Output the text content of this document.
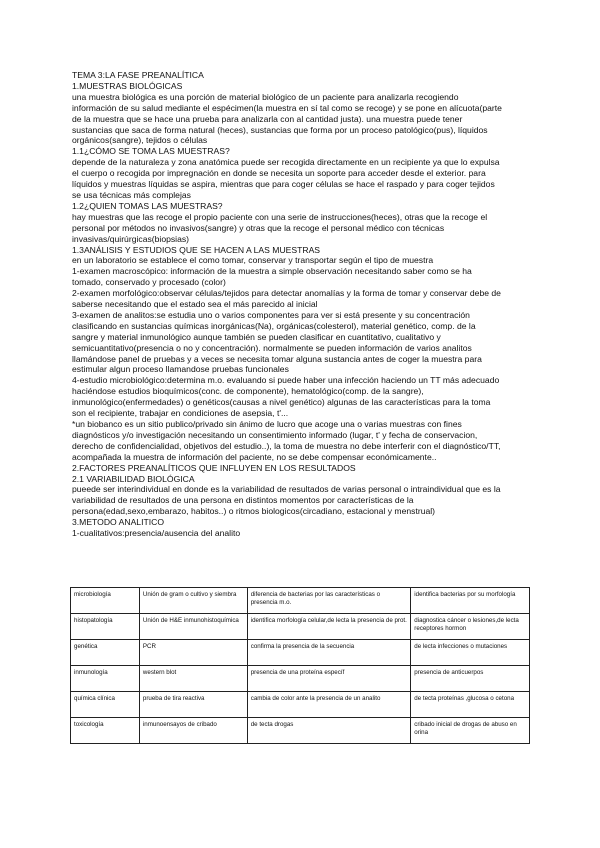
TEMA 3:LA FASE PREANALÍTICA
1.MUESTRAS BIOLÓGICAS
una muestra biológica es una porción de material biológico de un paciente para analizarla recogiendo
información de su salud mediante el espécimen(la muestra en sí tal como se recoge) y se pone en alícuota(parte
de la muestra que se hace una prueba para analizarla con al cantidad justa). una muestra puede tener
sustancias que saca de forma natural (heces), sustancias que forma por un proceso patológico(pus), líquidos
orgánicos(sangre), tejidos o células
1.1¿CÓMO SE TOMA LAS MUESTRAS?
depende de la naturaleza y zona anatómica puede ser recogida directamente en un recipiente ya que lo expulsa
el cuerpo o recogida por impregnación en donde se necesita un soporte para acceder desde el exterior. para
líquidos y muestras líquidas se aspira, mientras que para coger células se hace el raspado y para coger tejidos
se usa técnicas más complejas
1.2¿QUIEN TOMAS LAS MUESTRAS?
hay muestras que las recoge el propio paciente con una serie de instrucciones(heces), otras que la recoge el
personal por métodos no invasivos(sangre) y otras que la recoge el personal médico con técnicas
invasivas/quirúrgicas(biopsias)
1.3ANÁLISIS Y ESTUDIOS QUE SE HACEN A LAS MUESTRAS
en un laboratorio se establece el como tomar, conservar y transportar según el tipo de muestra
1-examen macroscópico: información de la muestra a simple observación necesitando saber como se ha
tomado, conservado y procesado (color)
2-examen morfológico:observar células/tejidos para detectar anomalías y la forma de tomar y conservar debe de
saberse necesitando que el estado sea el más parecido al inicial
3-examen de analitos:se estudia uno o varios componentes para ver si está presente y su concentración
clasificando en sustancias químicas inorgánicas(Na), orgánicas(colesterol), material genético, comp. de la
sangre y material inmunológico aunque también se pueden clasificar en cuantitativo, cualitativo y
semicuantitativo(presencia o no y concentración). normalmente se pueden información de varios analitos
llamándose panel de pruebas y a veces se necesita tomar alguna sustancia antes de coger la muestra para
estimular algun proceso llamandose pruebas funcionales
4-estudio microbiológico:determina m.o. evaluando si puede haber una infección haciendo un TT más adecuado
haciéndose estudios bioquímicos(conc. de componente), hematológico(comp. de la sangre),
inmunológico(enfermedades) o genéticos(causas a nivel genético) algunas de las características para la toma
son el recipiente, trabajar en condiciones de asepsia, t'...
*un biobanco es un sitio publico/privado sin ánimo de lucro que acoge una o varias muestras con fines
diagnósticos y/o investigación necesitando un consentimiento informado (lugar, t' y fecha de conservacion,
derecho de confidencialidad, objetivos del estudio..), la toma de muestra no debe interferir con el diagnóstico/TT,
acompañada la muestra de información del paciente, no se debe compensar económicamente..
2.FACTORES PREANALÍTICOS QUE INFLUYEN EN LOS RESULTADOS
2.1 VARIABILIDAD BIOLÓGICA
pueede ser interindividual en donde es la variabilidad de resultados de varias personal o intraindividual que es la
variabilidad de resultados de una persona en distintos momentos por características de la
persona(edad,sexo,embarazo, habitos..) o ritmos biologicos(circadiano, estacional y menstrual)
3.METODO ANALITICO
1-cualitativos:presencia/ausencia del analito
microbiología	Unión de gram o cultivo y siembra	diferencia de bacterias por las características o presencia m.o.	identifica bacterias por su morfología
histopatología	Unión de H&E inmunohistoquímica	identifica morfología celular,de lecta la presencia de prot.	diagnostica cáncer o lesiones,de lecta receptores hormon
genética	PCR	confirma la presencia de la secuencia	de lecta infecciones o mutaciones
inmunología	western blot	presencia de una proteína específ	presencia de anticuerpos
química clínica	prueba de tira reactiva	cambia de color ante la presencia de un analito	de tecta proteínas ,glucosa o cetona
toxicología	inmunoensayos de cribado	de tecta drogas	cribado inicial de drogas de abuso en orina
